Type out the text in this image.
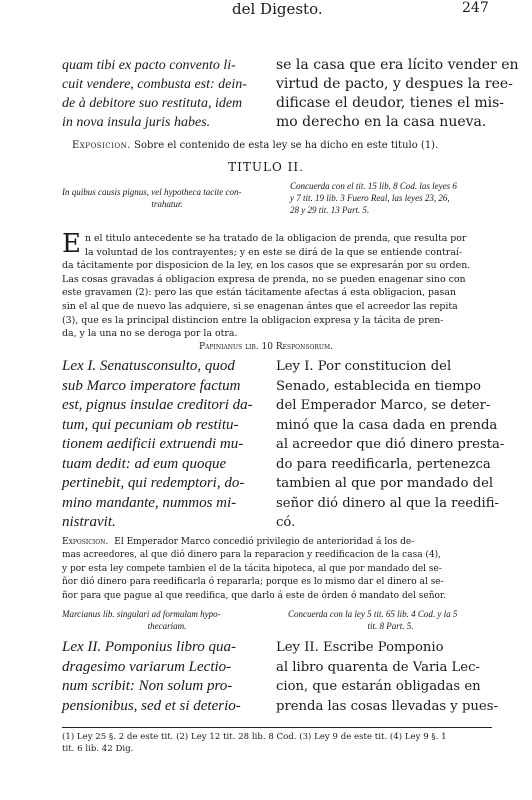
del Digesto.	247
quam tibi ex pacto convento li-
cuit vendere, combusta est: dein-
de à debitore suo restituta, idem
in nova insula juris habes.
se la casa que era lícito vender en
virtud de pacto, y despues la ree-
dificase el deudor, tienes el mis-
mo derecho en la casa nueva.
Exposicion. Sobre el contenido de esta ley se ha dicho en este titulo (1).
TITULO II.
In quibus causis pignus, vel hypotheca tacite con-
trahatur.
Concuerda con el tit. 15 lib. 8 Cod. las leyes 6
y 7 tit. 19 lib. 3 Fuero Real, las leyes 23, 26,
28 y 29 tit. 13 Part. 5.
E n el titulo antecedente se ha tratado de la obligacion de prenda, que resulta por
la voluntad de los contrayentes; y en este se dirá de la que se entiende contraí-
da tácitamente por disposicion de la ley, en los casos que se expresarán por su orden.
Las cosas gravadas á obligacion expresa de prenda, no se pueden enagenar sino con
este gravamen (2): pero las que están tácitamente afectas á esta obligacion, pasan
sin el al que de nuevo las adquiere, si se enagenan ántes que el acreedor las repita
(3), que es la principal distincion entre la obligacion expresa y la tácita de pren-
da, y la una no se deroga por la otra.
Papinianus lib. 10 Responsorum.
Lex I. Senatusconsulto, quod
sub Marco imperatore factum
est, pignus insulae creditori da-
tum, qui pecuniam ob restitu-
tionem aedificii extruendi mu-
tuam dedit: ad eum quoque
pertinebit, qui redemptori, do-
mino mandante, nummos mi-
nistravit.
Ley I. Por constitucion del
Senado, establecida en tiempo
del Emperador Marco, se deter-
minó que la casa dada en prenda
al acreedor que dió dinero presta-
do para reedificarla, pertenezca
tambien al que por mandado del
señor dió dinero al que la reedifi-
có.
Exposicion. El Emperador Marco concedió privilegio de anterioridad á los de-
mas acreedores, al que dió dinero para la reparacion y reedificacion de la casa (4),
y por esta ley compete tambien el de la tácita hipoteca, al que por mandado del se-
ñor dió dinero para reedificarla ó repararla; porque es lo mismo dar el dinero al se-
ñor para que pague al que reedifica, que darlo á este de órden ó mandato del señor.
Marcianus lib. singulari ad formulam hypo-
thecariam.
Concuerda con la ley 5 tit. 65 lib. 4 Cod. y la 5
tit. 8 Part. 5.
Lex II. Pomponius libro qua-
dragesimo variarum Lectio-
num scribit: Non solum pro-
pensionibus, sed et si deterio-
Ley II. Escribe Pomponio
al libro quarenta de Varia Lec-
cion, que estarán obligadas en
prenda las cosas llevadas y pues-
(1) Ley 25 §. 2 de este tit. (2) Ley 12 tit. 28 lib. 8 Cod. (3) Ley 9 de este tit. (4) Ley 9 §. 1
tit. 6 lib. 42 Dig.
